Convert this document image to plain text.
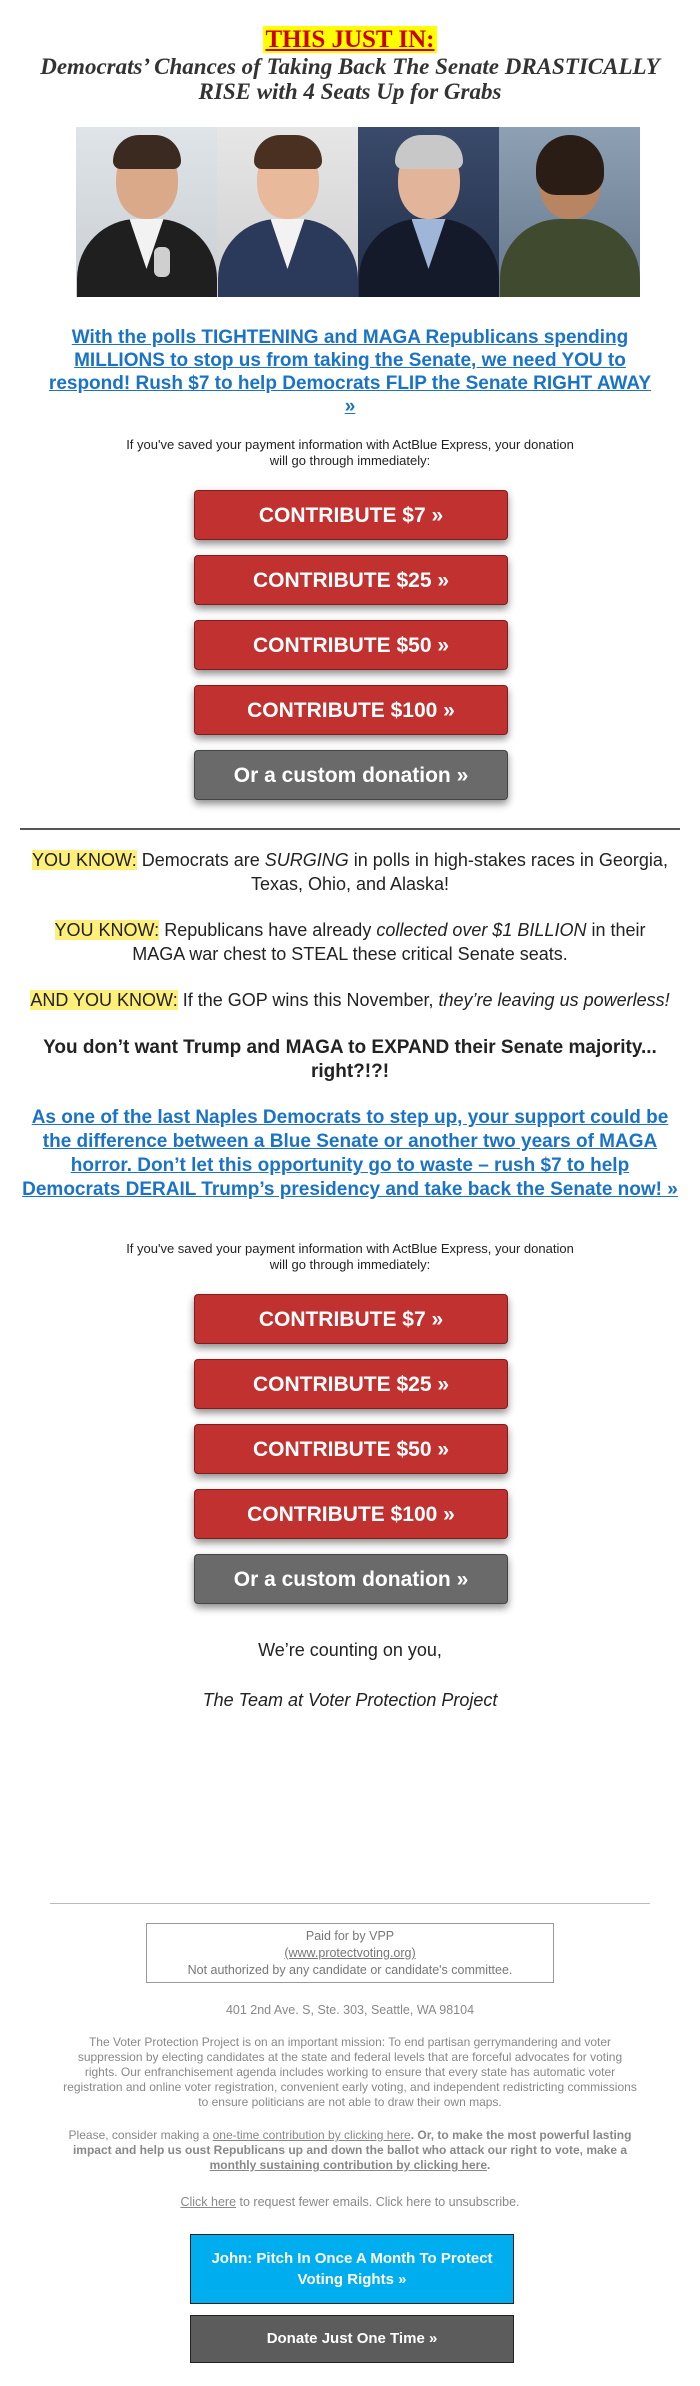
THIS JUST IN:
Democrats’ Chances of Taking Back The Senate DRASTICALLY RISE with 4 Seats Up for Grabs
With the polls TIGHTENING and MAGA Republicans spending MILLIONS to stop us from taking the Senate, we need YOU to respond! Rush $7 to help Democrats FLIP the Senate RIGHT AWAY »
If you've saved your payment information with ActBlue Express, your donation will go through immediately:
CONTRIBUTE $7 »
CONTRIBUTE $25 »
CONTRIBUTE $50 »
CONTRIBUTE $100 »
Or a custom donation »
YOU KNOW: Democrats are SURGING in polls in high-stakes races in Georgia, Texas, Ohio, and Alaska!
YOU KNOW: Republicans have already collected over $1 BILLION in their MAGA war chest to STEAL these critical Senate seats.
AND YOU KNOW: If the GOP wins this November, they’re leaving us powerless!
You don’t want Trump and MAGA to EXPAND their Senate majority... right?!?!
As one of the last Naples Democrats to step up, your support could be the difference between a Blue Senate or another two years of MAGA horror. Don’t let this opportunity go to waste – rush $7 to help Democrats DERAIL Trump’s presidency and take back the Senate now! »
If you've saved your payment information with ActBlue Express, your donation will go through immediately:
CONTRIBUTE $7 »
CONTRIBUTE $25 »
CONTRIBUTE $50 »
CONTRIBUTE $100 »
Or a custom donation »
We’re counting on you,
The Team at Voter Protection Project
Paid for by VPP
(www.protectvoting.org)
Not authorized by any candidate or candidate's committee.
401 2nd Ave. S, Ste. 303, Seattle, WA 98104
The Voter Protection Project is on an important mission: To end partisan gerrymandering and voter suppression by electing candidates at the state and federal levels that are forceful advocates for voting rights. Our enfranchisement agenda includes working to ensure that every state has automatic voter registration and online voter registration, convenient early voting, and independent redistricting commissions to ensure politicians are not able to draw their own maps.
Please, consider making a one-time contribution by clicking here. Or, to make the most powerful lasting impact and help us oust Republicans up and down the ballot who attack our right to vote, make a monthly sustaining contribution by clicking here.
Click here to request fewer emails. Click here to unsubscribe.
John: Pitch In Once A Month To Protect Voting Rights »
Donate Just One Time »
